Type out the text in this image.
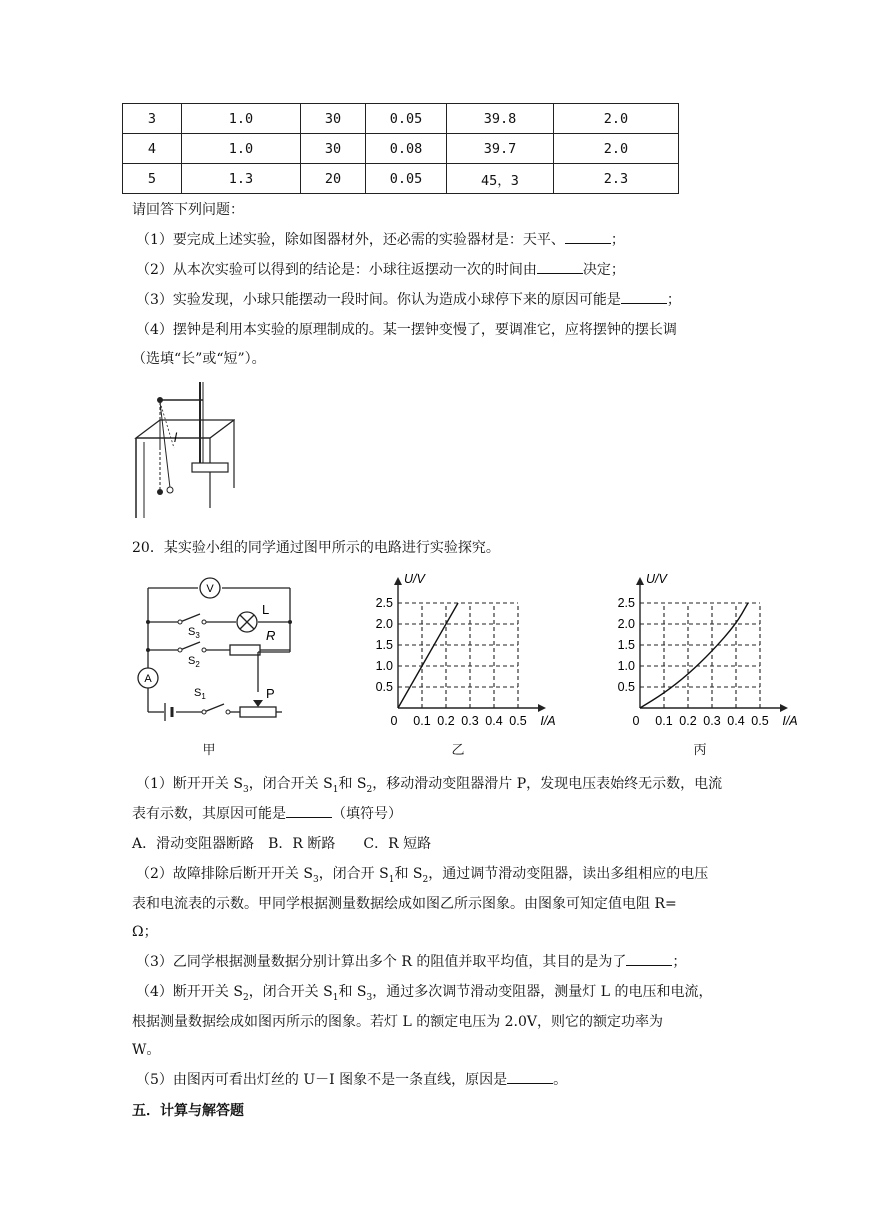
3	1.0	30	0.05	39.8	2.0
4	1.0	30	0.08	39.7	2.0
5	1.3	20	0.05	45，3	2.3
请回答下列问题：
（1）要完成上述实验，除如图器材外，还必需的实验器材是：天平、	；
（2）从本次实验可以得到的结论是：小球往返摆动一次的时间由	决定；
（3）实验发现，小球只能摆动一段时间。你认为造成小球停下来的原因可能是	；
（4）摆钟是利用本实验的原理制成的。某一摆钟变慢了，要调准它，应将摆钟的摆长调
（选填“长”或“短”）。
l
20．某实验小组的同学通过图甲所示的电路进行实验探究。
V
A
L
R
P
$S_3$
$S_2$
$S_1$
0 0.1 0.2 0.3 0.4 0.5
0.5
1.0
1.5
2.0
2.5
I/A
U/V
0 0.1 0.2 0.3 0.4 0.5
0.5
1.0
1.5
2.0
2.5
I/A
U/V
甲	乙	丙
（1）断开开关 $S_3$，闭合开关 $S_1$和 $S_2$，移动滑动变阻器滑片 P，发现电压表始终无示数，电流
表有示数，其原因可能是	（填符号）
A．滑动变阻器断路　B．R 断路　　C．R 短路
（2）故障排除后断开开关 $S_3$，闭合开 $S_1$和 $S_2$，通过调节滑动变阻器，读出多组相应的电压
表和电流表的示数。甲同学根据测量数据绘成如图乙所示图象。由图象可知定值电阻 R=
Ω；
（3）乙同学根据测量数据分别计算出多个 R 的阻值并取平均值，其目的是为了	；
（4）断开开关 $S_2$，闭合开关 $S_1$和 $S_3$，通过多次调节滑动变阻器，测量灯 L 的电压和电流，
根据测量数据绘成如图丙所示的图象。若灯 L 的额定电压为 2.0V，则它的额定功率为
W。
（5）由图丙可看出灯丝的 U－I 图象不是一条直线，原因是	。
五．计算与解答题
